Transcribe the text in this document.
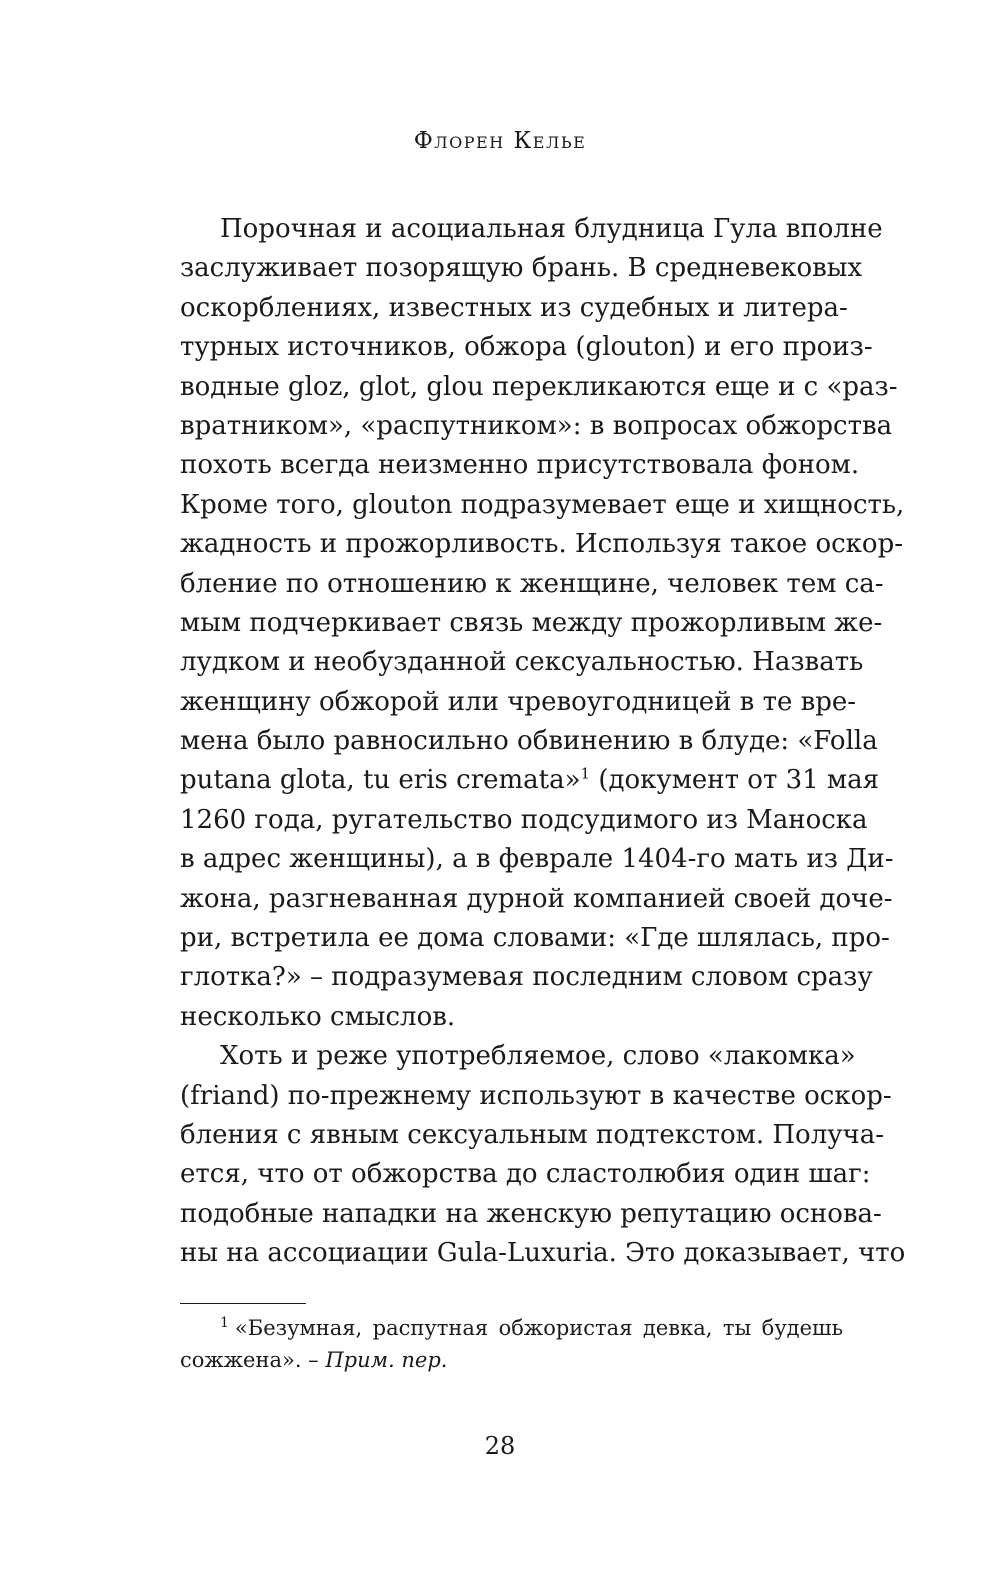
Флорен Келье
Порочная и асоциальная блудница Гула вполне
заслуживает позорящую брань. В средневековых
оскорблениях, известных из судебных и литера-
турных источников, обжора (glouton) и его произ-
водные gloz, glot, glou перекликаются еще и с «раз-
вратником», «распутником»: в вопросах обжорства
похоть всегда неизменно присутствовала фоном.
Кроме того, glouton подразумевает еще и хищность,
жадность и прожорливость. Используя такое оскор-
бление по отношению к женщине, человек тем са-
мым подчеркивает связь между прожорливым же-
лудком и необузданной сексуальностью. Назвать
женщину обжорой или чревоугодницей в те вре-
мена было равносильно обвинению в блуде: «Folla
putana glota, tu eris cremata»$^1$ (документ от 31 мая
1260 года, ругательство подсудимого из Маноска
в адрес женщины), а в феврале 1404-го мать из Ди-
жона, разгневанная дурной компанией своей доче-
ри, встретила ее дома словами: «Где шлялась, про-
глотка?» – подразумевая последним словом сразу
несколько смыслов.
Хоть и реже употребляемое, слово «лакомка»
(friand) по-прежнему используют в качестве оскор-
бления с явным сексуальным подтекстом. Получа-
ется, что от обжорства до сластолюбия один шаг:
подобные нападки на женскую репутацию основа-
ны на ассоциации Gula-Luxuria. Это доказывает, что
$^1$ «Безумная, распутная обжористая девка, ты будешь
сожжена». – Прим. пер.
28
